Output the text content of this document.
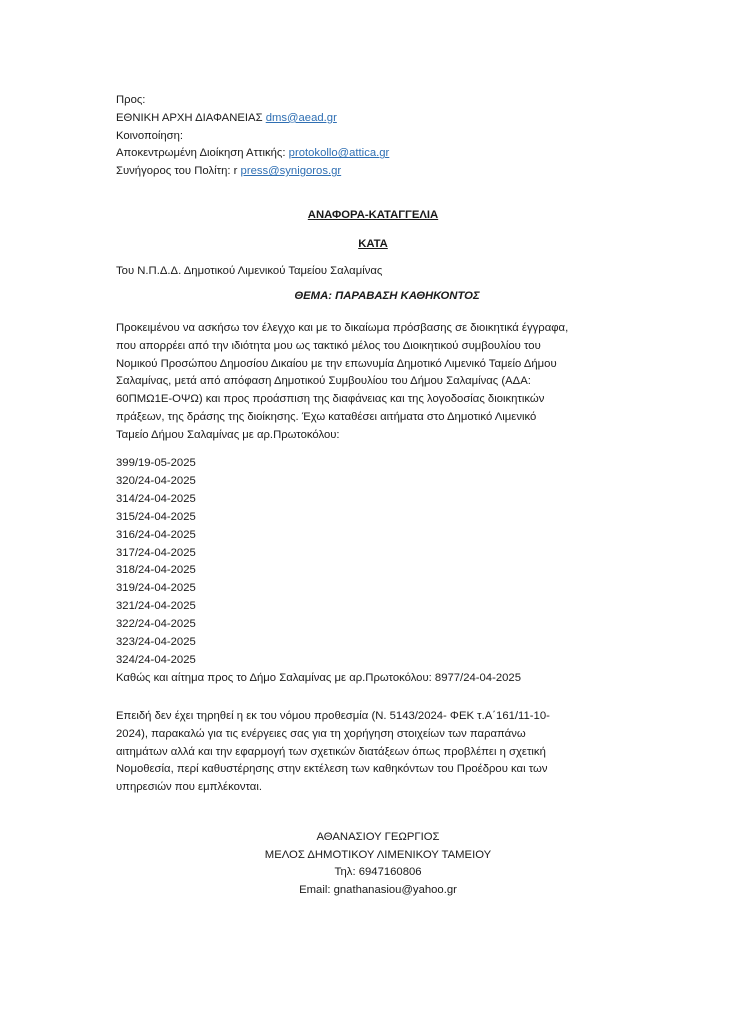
Προς:
ΕΘΝΙΚΗ ΑΡΧΗ ΔΙΑΦΑΝΕΙΑΣ dms@aead.gr
Κοινοποίηση:
Αποκεντρωμένη Διοίκηση Αττικής: protokollo@attica.gr
Συνήγορος του Πολίτη: r press@synigoros.gr
ΑΝΑΦΟΡΑ-ΚΑΤΑΓΓΕΛΙΑ
ΚΑΤΑ
Του Ν.Π.Δ.Δ. Δημοτικού Λιμενικού Ταμείου Σαλαμίνας
ΘΕΜΑ: ΠΑΡΑΒΑΣΗ ΚΑΘΗΚΟΝΤΟΣ
Προκειμένου να ασκήσω τον έλεγχο και με το δικαίωμα πρόσβασης σε διοικητικά έγγραφα,
που απορρέει από την ιδιότητα μου ως τακτικό μέλος του Διοικητικού συμβουλίου του
Νομικού Προσώπου Δημοσίου Δικαίου με την επωνυμία Δημοτικό Λιμενικό Ταμείο Δήμου
Σαλαμίνας, μετά από απόφαση Δημοτικού Συμβουλίου του Δήμου Σαλαμίνας (ΑΔΑ:
60ΠΜΩ1Ε-ΟΨΩ) και προς προάσπιση της διαφάνειας και της λογοδοσίας διοικητικών
πράξεων, της δράσης της διοίκησης. Έχω καταθέσει αιτήματα στο Δημοτικό Λιμενικό
Ταμείο Δήμου Σαλαμίνας με αρ.Πρωτοκόλου:
399/19-05-2025
320/24-04-2025
314/24-04-2025
315/24-04-2025
316/24-04-2025
317/24-04-2025
318/24-04-2025
319/24-04-2025
321/24-04-2025
322/24-04-2025
323/24-04-2025
324/24-04-2025
Καθώς και αίτημα προς το Δήμο Σαλαμίνας με αρ.Πρωτοκόλου: 8977/24-04-2025
Επειδή δεν έχει τηρηθεί η εκ του νόμου προθεσμία (Ν. 5143/2024- ΦΕΚ τ.Α΄161/11-10-
2024), παρακαλώ για τις ενέργειες σας για τη χορήγηση στοιχείων των παραπάνω
αιτημάτων αλλά και την εφαρμογή των σχετικών διατάξεων όπως προβλέπει η σχετική
Νομοθεσία, περί καθυστέρησης στην εκτέλεση των καθηκόντων του Προέδρου και των
υπηρεσιών που εμπλέκονται.
ΑΘΑΝΑΣΙΟΥ ΓΕΩΡΓΙΟΣ
ΜΕΛΟΣ ΔΗΜΟΤΙΚΟΥ ΛΙΜΕΝΙΚΟΥ ΤΑΜΕΙΟΥ
Τηλ: 6947160806
Email: gnathanasiou@yahoo.gr
